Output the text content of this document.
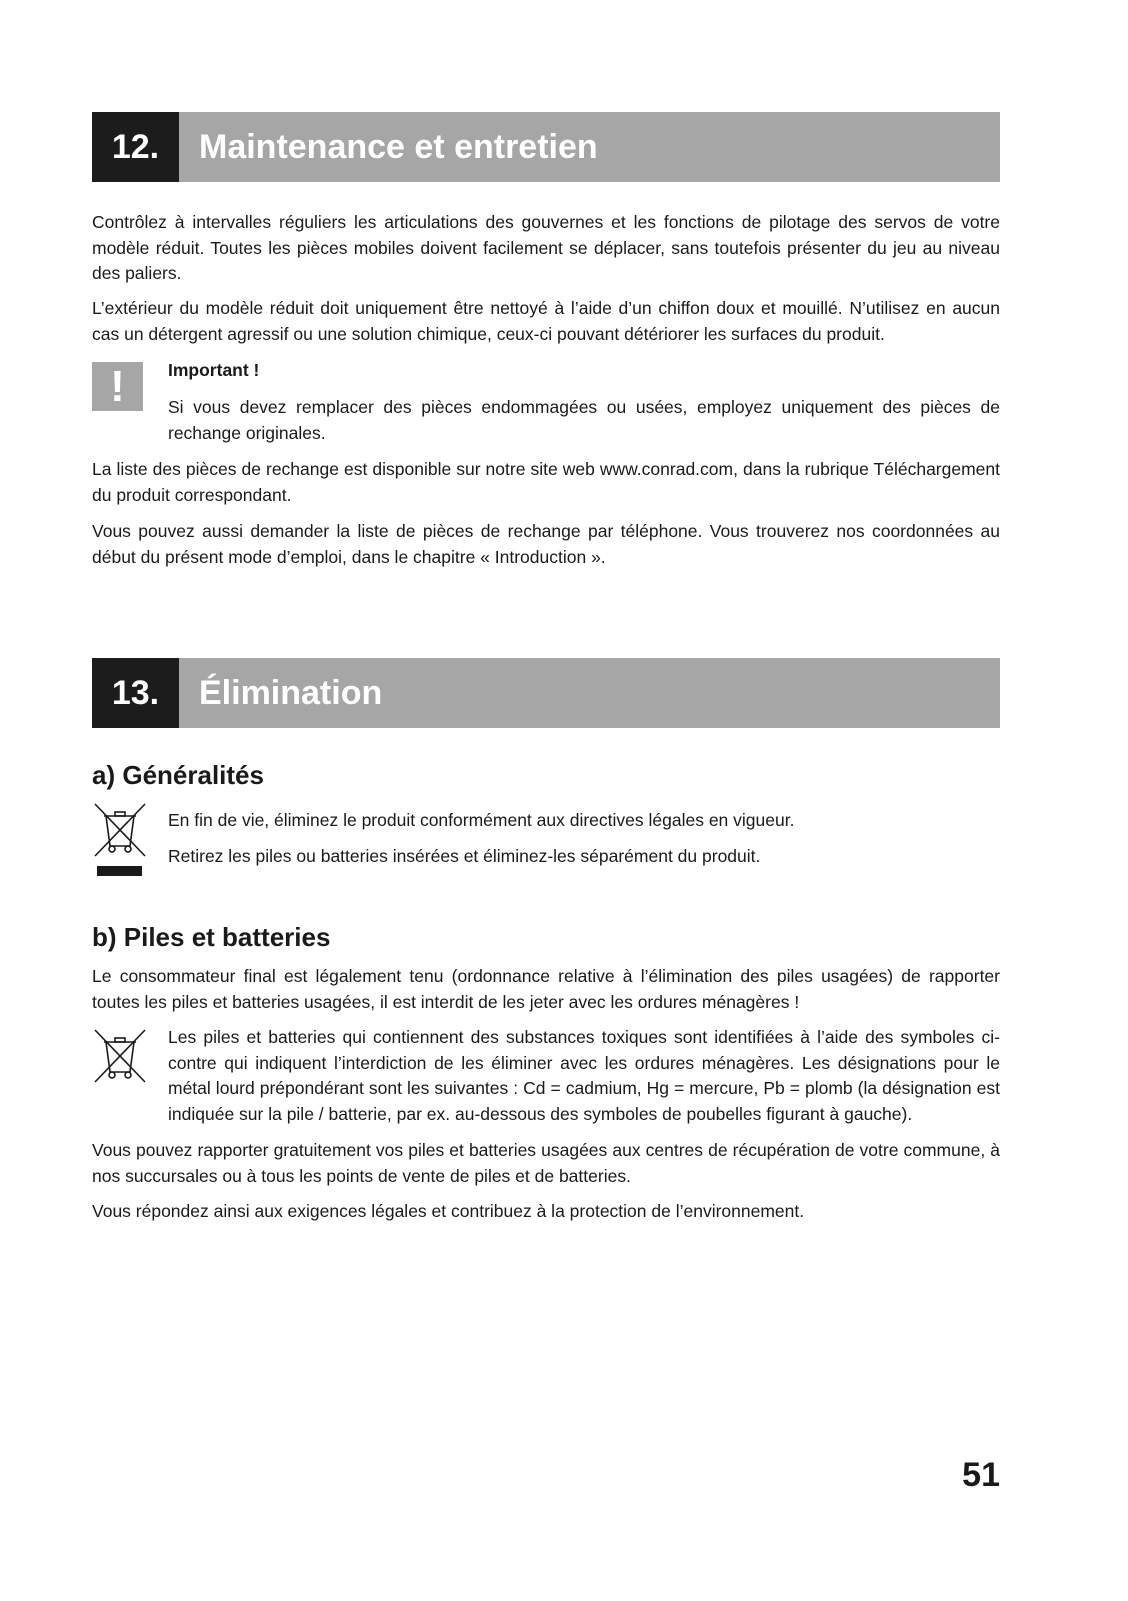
12.	Maintenance et entretien

Contrôlez à intervalles réguliers les articulations des gouvernes et les fonctions de pilotage des servos de votre modèle réduit. Toutes les pièces mobiles doivent facilement se déplacer, sans toutefois présenter du jeu au niveau des paliers.

L’extérieur du modèle réduit doit uniquement être nettoyé à l’aide d’un chiffon doux et mouillé. N’utilisez en aucun cas un détergent agressif ou une solution chimique, ceux-ci pouvant détériorer les surfaces du produit.

!	Important !

Si vous devez remplacer des pièces endommagées ou usées, employez uniquement des pièces de rechange originales.

La liste des pièces de rechange est disponible sur notre site web www.conrad.com, dans la rubrique Téléchargement du produit correspondant.

Vous pouvez aussi demander la liste de pièces de rechange par téléphone. Vous trouverez nos coordonnées au début du présent mode d’emploi, dans le chapitre « Introduction ».

13.	Élimination
a) Généralités

En fin de vie, éliminez le produit conformément aux directives légales en vigueur.

Retirez les piles ou batteries insérées et éliminez-les séparément du produit.

b) Piles et batteries

Le consommateur final est légalement tenu (ordonnance relative à l’élimination des piles usagées) de rapporter toutes les piles et batteries usagées, il est interdit de les jeter avec les ordures ménagères !

Les piles et batteries qui contiennent des substances toxiques sont identifiées à l’aide des symboles ci-contre qui indiquent l’interdiction de les éliminer avec les ordures ménagères. Les désignations pour le métal lourd prépondérant sont les suivantes : Cd = cadmium, Hg = mercure, Pb = plomb (la désignation est indiquée sur la pile / batterie, par ex. au-dessous des symboles de poubelles figurant à gauche).

Vous pouvez rapporter gratuitement vos piles et batteries usagées aux centres de récupération de votre commune, à nos succursales ou à tous les points de vente de piles et de batteries.

Vous répondez ainsi aux exigences légales et contribuez à la protection de l’environnement.

51
